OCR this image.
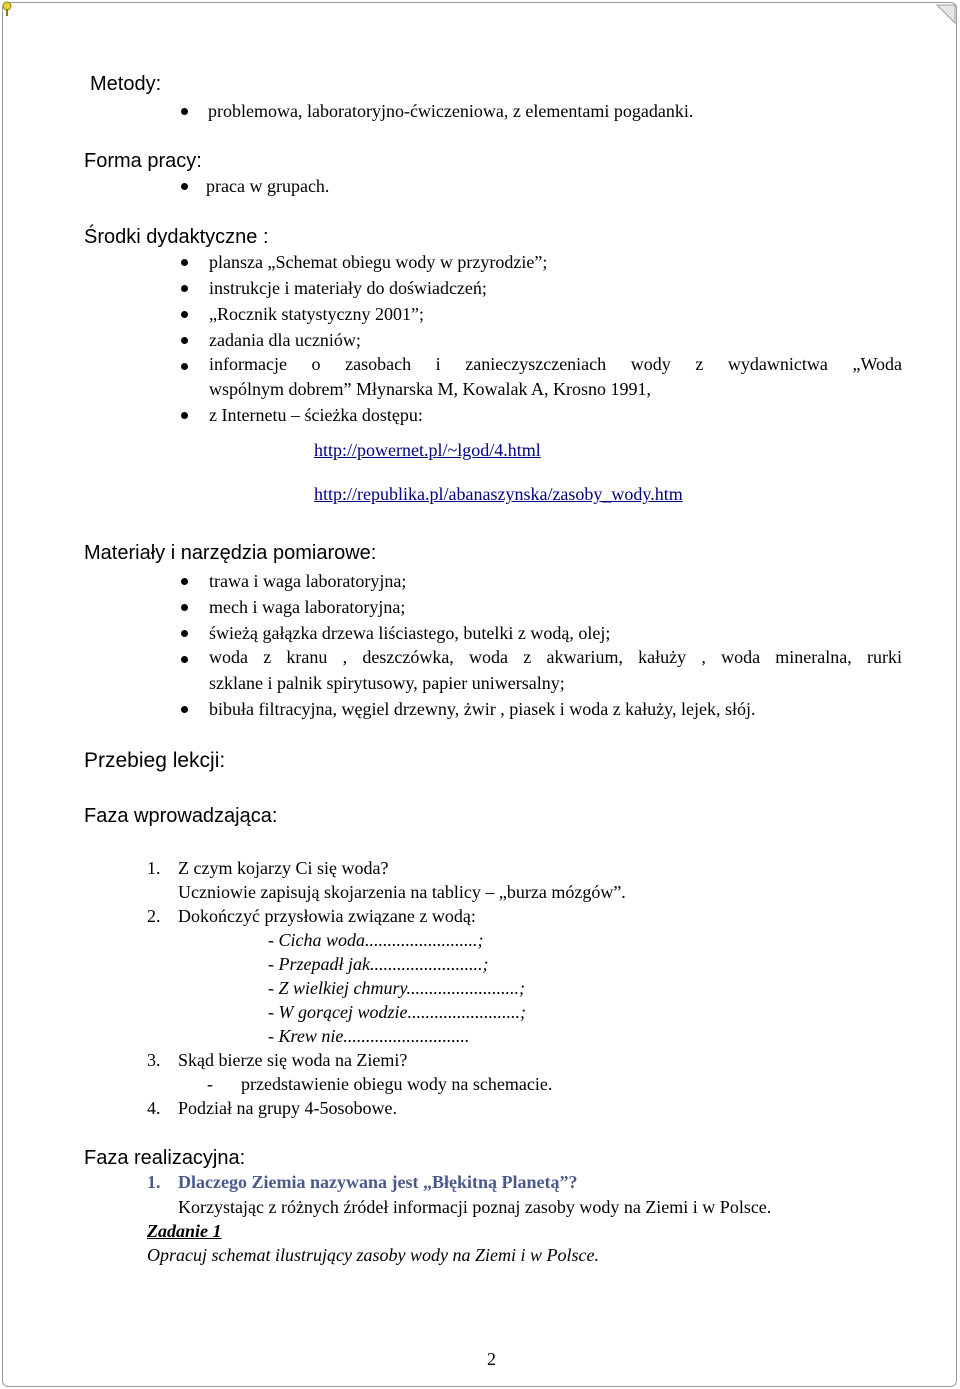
Metody:
problemowa, laboratoryjno-ćwiczeniowa, z elementami pogadanki.
Forma pracy:
praca w grupach.
Środki dydaktyczne :
plansza „Schemat obiegu wody w przyrodzie”;
instrukcje i materiały do doświadczeń;
„Rocznik statystyczny 2001”;
zadania dla uczniów;
informacje o zasobach i zanieczyszczeniach wody z wydawnictwa „Woda
wspólnym dobrem” Młynarska M, Kowalak A, Krosno 1991,
z Internetu – ścieżka dostępu:
http://powernet.pl/~lgod/4.html
http://republika.pl/abanaszynska/zasoby_wody.htm
Materiały i narzędzia pomiarowe:
trawa i waga laboratoryjna;
mech i waga laboratoryjna;
świeżą gałązka drzewa liściastego, butelki z wodą, olej;
woda z kranu , deszczówka, woda z akwarium, kałuży , woda mineralna, rurki
szklane i palnik spirytusowy, papier uniwersalny;
bibuła filtracyjna, węgiel drzewny, żwir , piasek i woda z kałuży, lejek, słój.
Przebieg lekcji:
Faza wprowadzająca:
1. Z czym kojarzy Ci się woda?
Uczniowie zapisują skojarzenia na tablicy – „burza mózgów”.
2. Dokończyć przysłowia związane z wodą:
- Cicha woda.........................;
- Przepadł jak.........................;
- Z wielkiej chmury.........................;
- W gorącej wodzie.........................;
- Krew nie............................
3. Skąd bierze się woda na Ziemi?
- przedstawienie obiegu wody na schemacie.
4. Podział na grupy 4-5osobowe.
Faza realizacyjna:
1. Dlaczego Ziemia nazywana jest „Błękitną Planetą”?
Korzystając z różnych źródeł informacji poznaj zasoby wody na Ziemi i w Polsce.
Zadanie 1
Opracuj schemat ilustrujący zasoby wody na Ziemi i w Polsce.
2
